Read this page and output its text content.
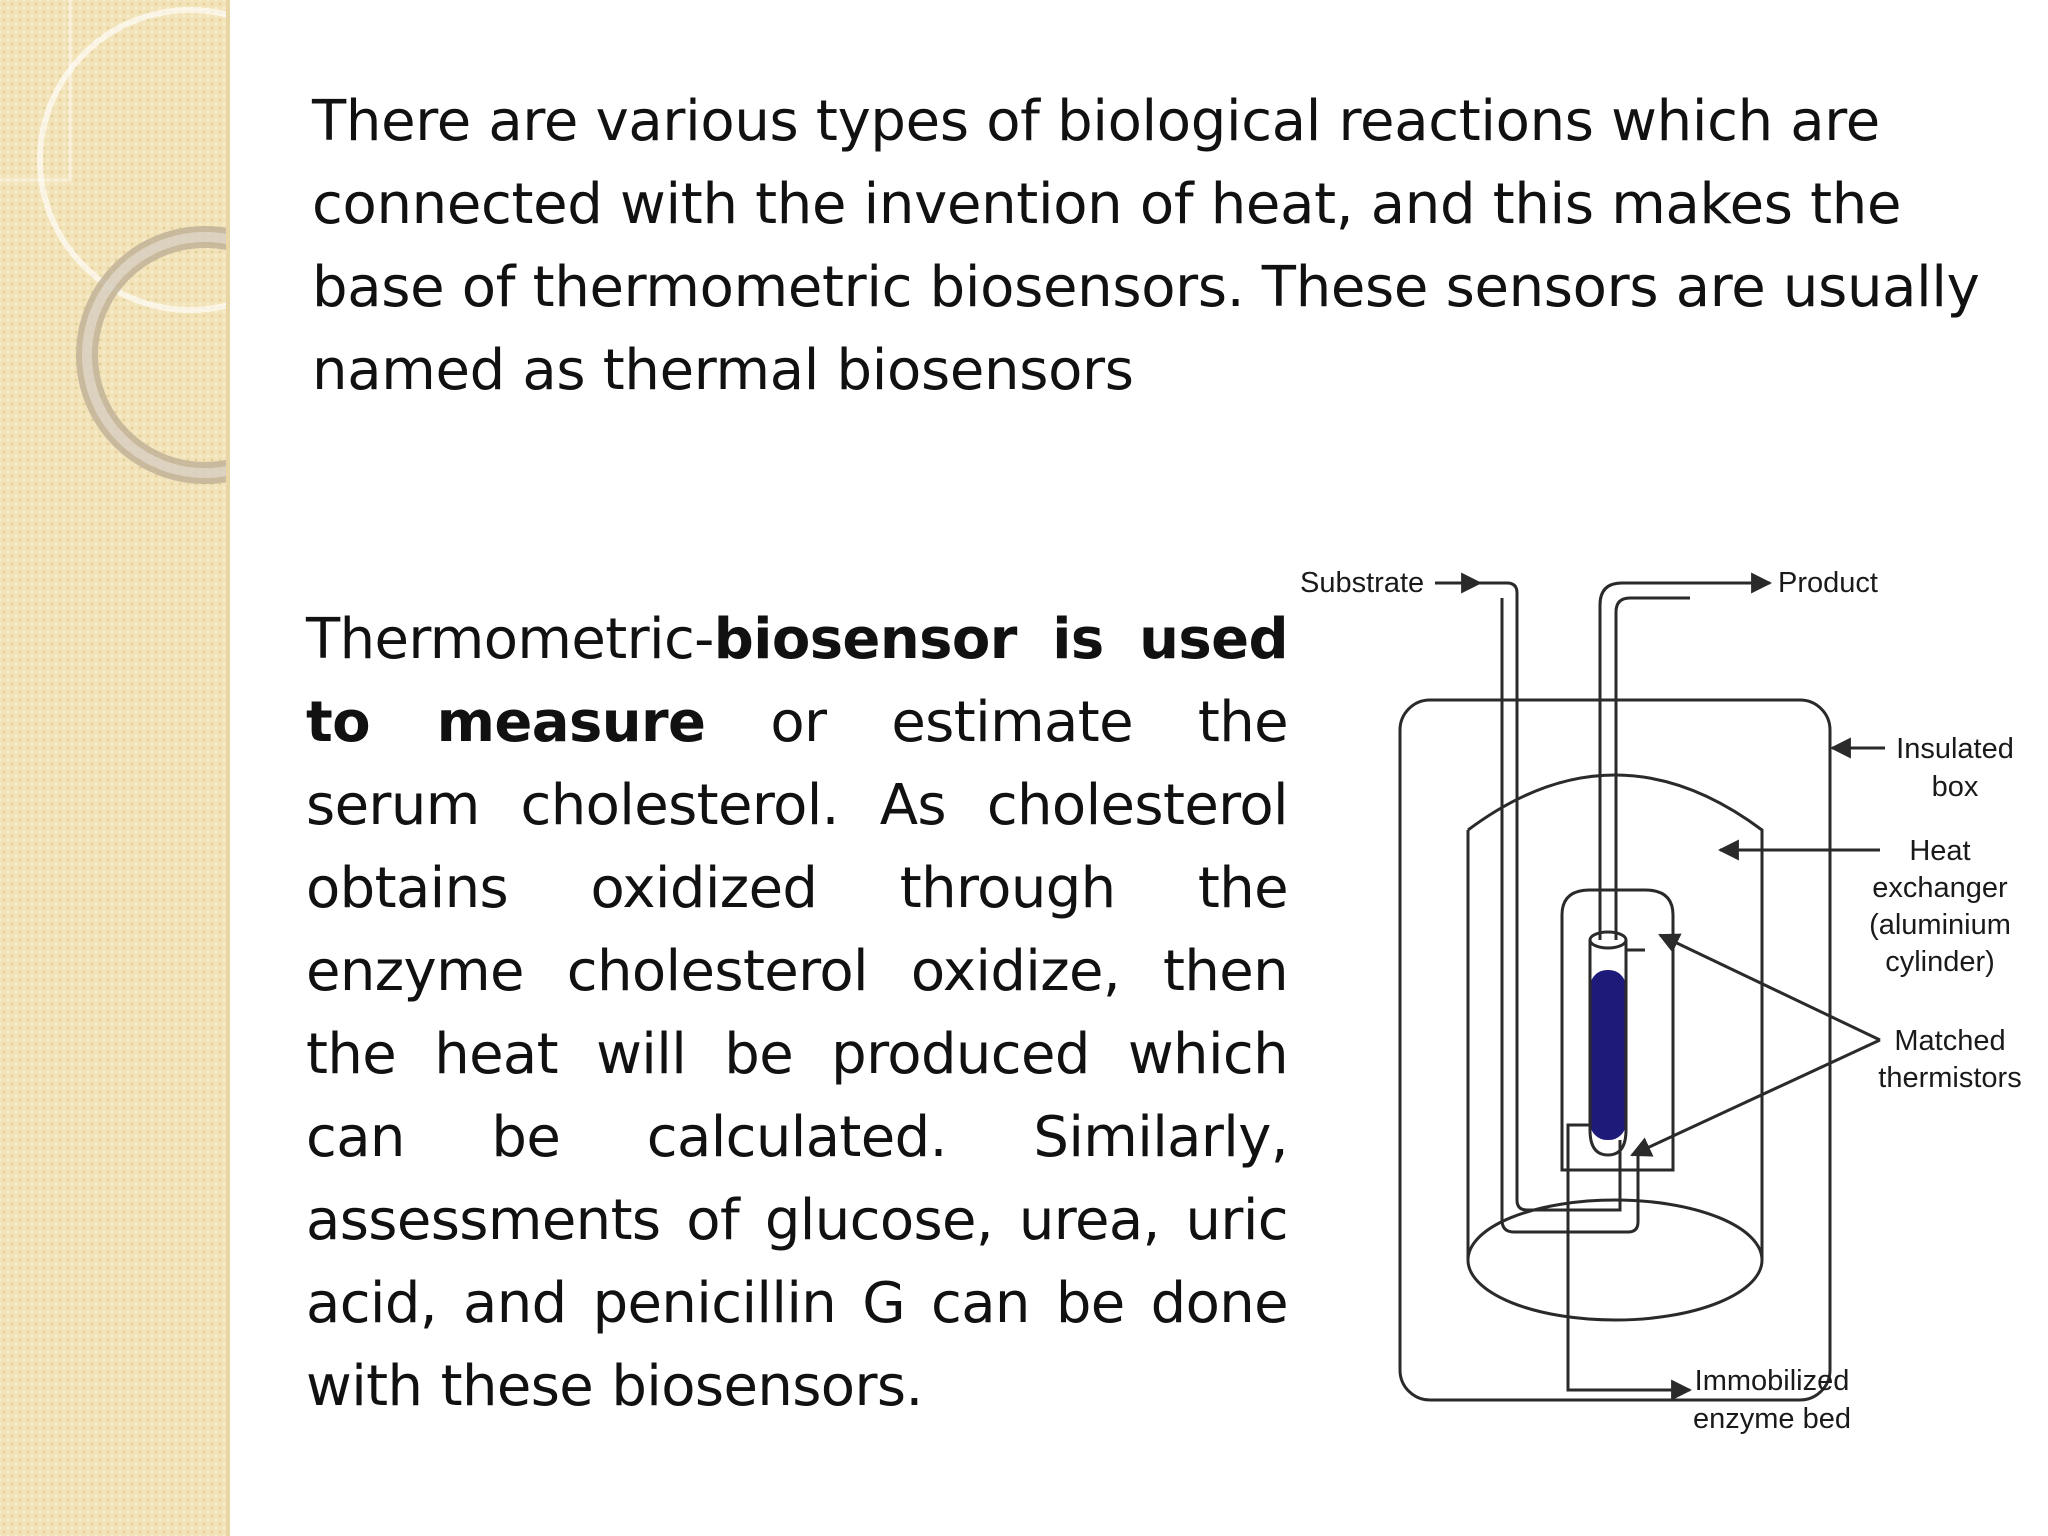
There are various types of biological reactions which are
connected with the invention of heat, and this makes the
base of thermometric biosensors. These sensors are usually
named as thermal biosensors
Thermometric-biosensor is used to measure or estimate the serum cholesterol. As cholesterol obtains oxidized through the enzyme cholesterol oxidize, then the heat will be produced which can be calculated. Similarly, assessments of glucose, urea, uric acid, and penicillin G can be done with these biosensors.
Substrate	Product
Insulated
box
Heat
exchanger
(aluminium
cylinder)
Matched
thermistors
Immobilized
enzyme bed
